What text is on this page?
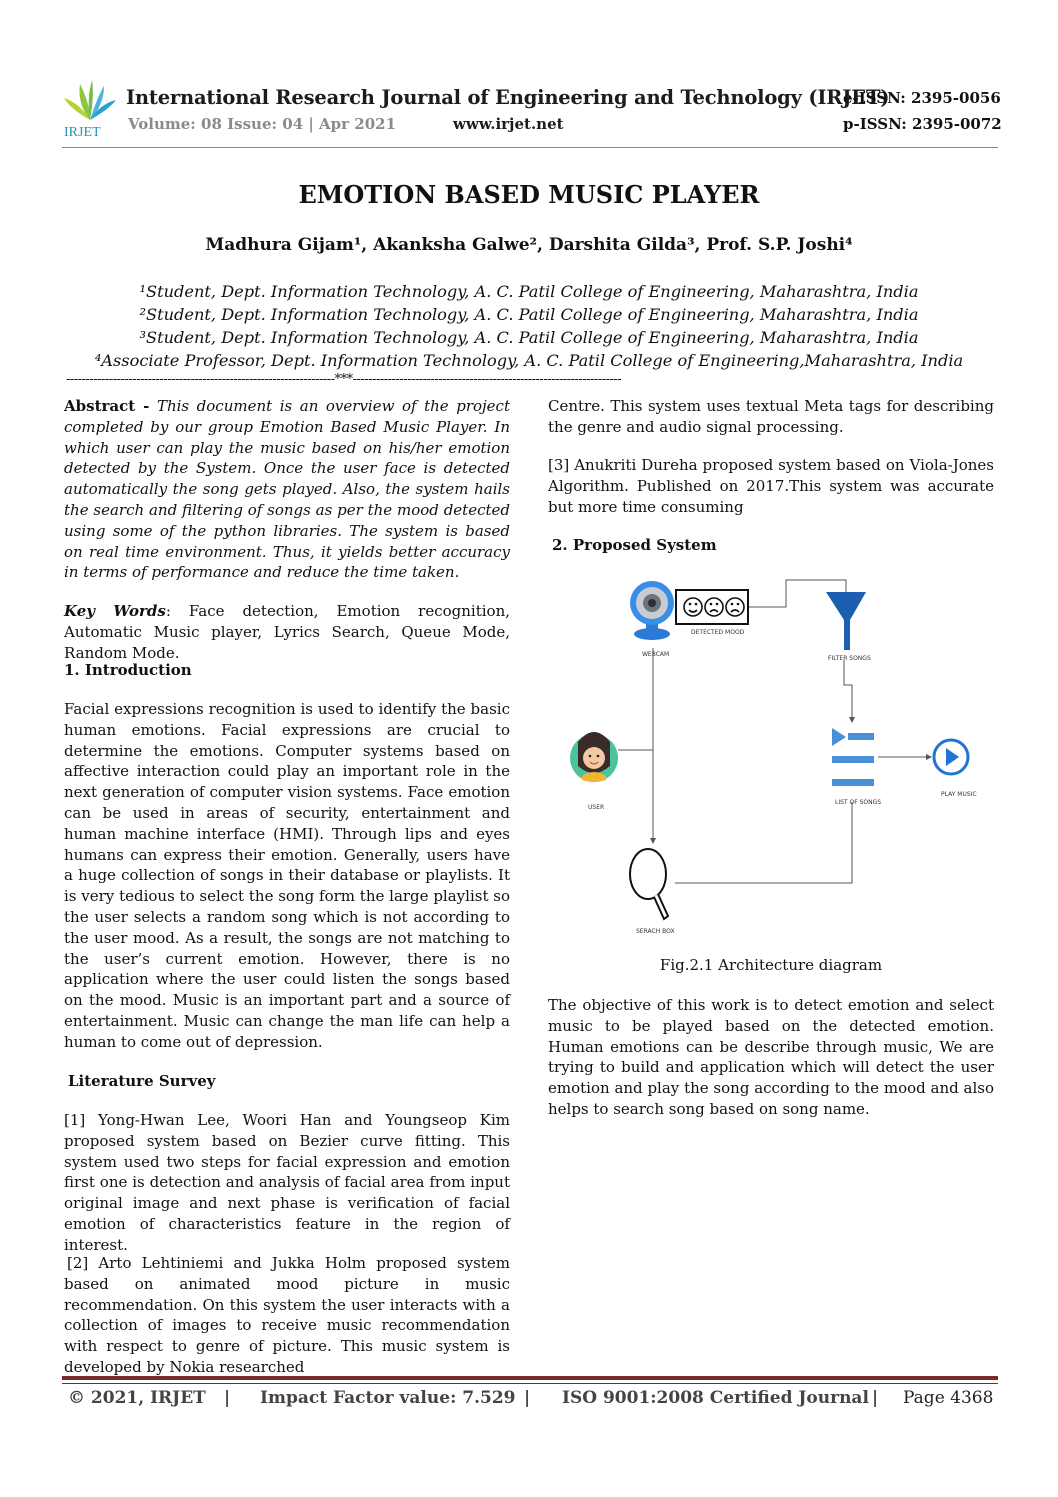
IRJET
International Research Journal of Engineering and Technology (IRJET)
Volume: 08 Issue: 04 | Apr 2021	www.irjet.net
e-ISSN: 2395-0056
p-ISSN: 2395-0072
EMOTION BASED MUSIC PLAYER
Madhura Gijam¹, Akanksha Galwe², Darshita Gilda³, Prof. S.P. Joshi⁴
¹Student, Dept. Information Technology, A. C. Patil College of Engineering, Maharashtra, India
²Student, Dept. Information Technology, A. C. Patil College of Engineering, Maharashtra, India
³Student, Dept. Information Technology, A. C. Patil College of Engineering, Maharashtra, India
⁴Associate Professor, Dept. Information Technology, A. C. Patil College of Engineering,Maharashtra, India
---------------------------------------------------------------------***---------------------------------------------------------------------

Abstract - This document is an overview of the project completed by our group Emotion Based Music Player. In which user can play the music based on his/her emotion detected by the System. Once the user face is detected automatically the song gets played. Also, the system hails the search and filtering of songs as per the mood detected using some of the python libraries. The system is based on real time environment. Thus, it yields better accuracy in terms of performance and reduce the time taken.

Key Words: Face detection, Emotion recognition, Automatic Music player, Lyrics Search, Queue Mode, Random Mode.

1. Introduction
Facial expressions recognition is used to identify the basic human emotions. Facial expressions are crucial to determine the emotions. Computer systems based on affective interaction could play an important role in the next generation of computer vision systems. Face emotion can be used in areas of security, entertainment and human machine interface (HMI). Through lips and eyes humans can express their emotion. Generally, users have a huge collection of songs in their database or playlists. It is very tedious to select the song form the large playlist so the user selects a random song which is not according to the user mood. As a result, the songs are not matching to the user’s current emotion. However, there is no application where the user could listen the songs based on the mood. Music is an important part and a source of entertainment. Music can change the man life can help a human to come out of depression.
Literature Survey
[1] Yong-Hwan Lee, Woori Han and Youngseop Kim proposed system based on Bezier curve fitting. This system used two steps for facial expression and emotion first one is detection and analysis of facial area from input original image and next phase is verification of facial emotion of characteristics feature in the region of interest.
[2] Arto Lehtiniemi and Jukka Holm proposed system based on animated mood picture in music recommendation. On this system the user interacts with a collection of images to receive music recommendation with respect to genre of picture. This music system is developed by Nokia researched
Centre. This system uses textual Meta tags for describing the genre and audio signal processing.
[3] Anukriti Dureha proposed system based on Viola-Jones Algorithm. Published on 2017.This system was accurate but more time consuming
2. Proposed System
DETECTED MOOD
WEBCAM
FILTER SONGS
USER
LIST OF SONGS
PLAY MUSIC
SERACH BOX
Fig.2.1 Architecture diagram
The objective of this work is to detect emotion and select music to be played based on the detected emotion. Human emotions can be describe through music, We are trying to build and application which will detect the user emotion and play the song according to the mood and also helps to search song based on song name.
© 2021, IRJET | Impact Factor value: 7.529 | ISO 9001:2008 Certified Journal | Page 4368
